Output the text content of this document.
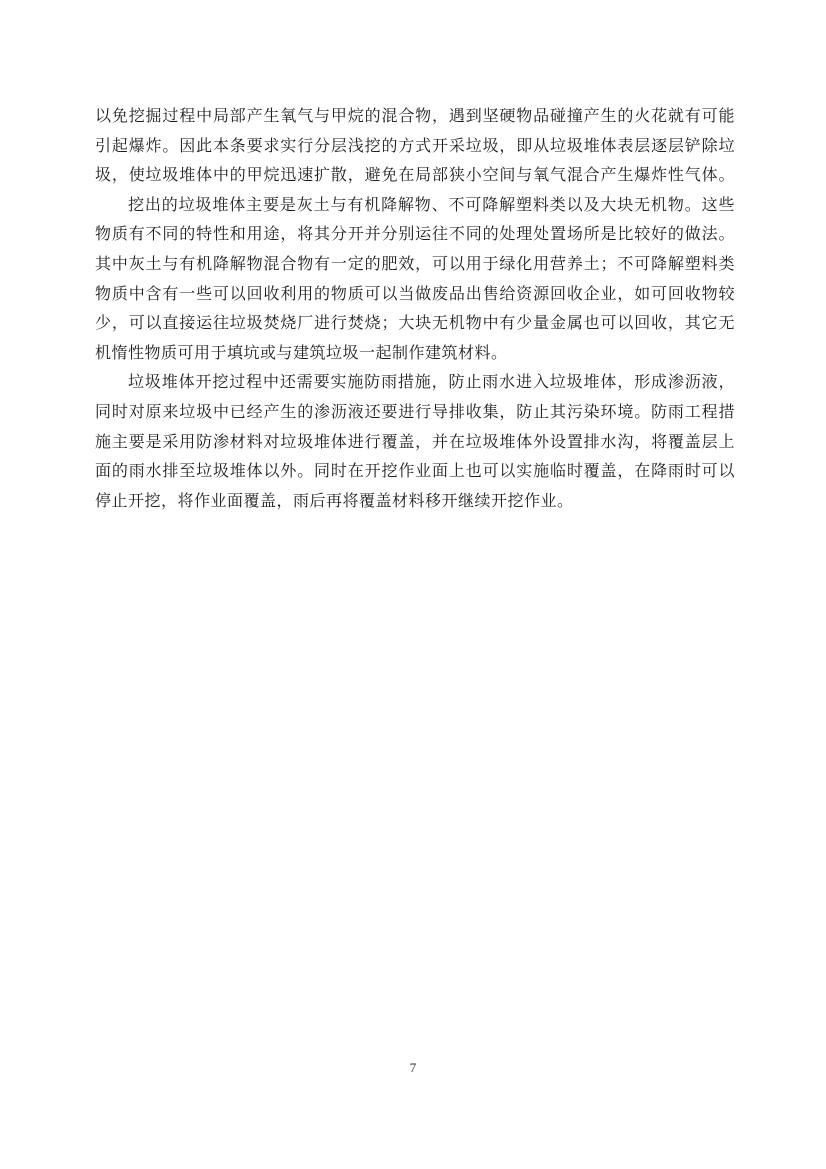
以免挖掘过程中局部产生氧气与甲烷的混合物，遇到坚硬物品碰撞产生的火花就有可能
引起爆炸。因此本条要求实行分层浅挖的方式开采垃圾，即从垃圾堆体表层逐层铲除垃
圾，使垃圾堆体中的甲烷迅速扩散，避免在局部狭小空间与氧气混合产生爆炸性气体。
挖出的垃圾堆体主要是灰土与有机降解物、不可降解塑料类以及大块无机物。这些
物质有不同的特性和用途，将其分开并分别运往不同的处理处置场所是比较好的做法。
其中灰土与有机降解物混合物有一定的肥效，可以用于绿化用营养土；不可降解塑料类
物质中含有一些可以回收利用的物质可以当做废品出售给资源回收企业，如可回收物较
少，可以直接运往垃圾焚烧厂进行焚烧；大块无机物中有少量金属也可以回收，其它无
机惰性物质可用于填坑或与建筑垃圾一起制作建筑材料。
垃圾堆体开挖过程中还需要实施防雨措施，防止雨水进入垃圾堆体，形成渗沥液，
同时对原来垃圾中已经产生的渗沥液还要进行导排收集，防止其污染环境。防雨工程措
施主要是采用防渗材料对垃圾堆体进行覆盖，并在垃圾堆体外设置排水沟，将覆盖层上
面的雨水排至垃圾堆体以外。同时在开挖作业面上也可以实施临时覆盖，在降雨时可以
停止开挖，将作业面覆盖，雨后再将覆盖材料移开继续开挖作业。
7
